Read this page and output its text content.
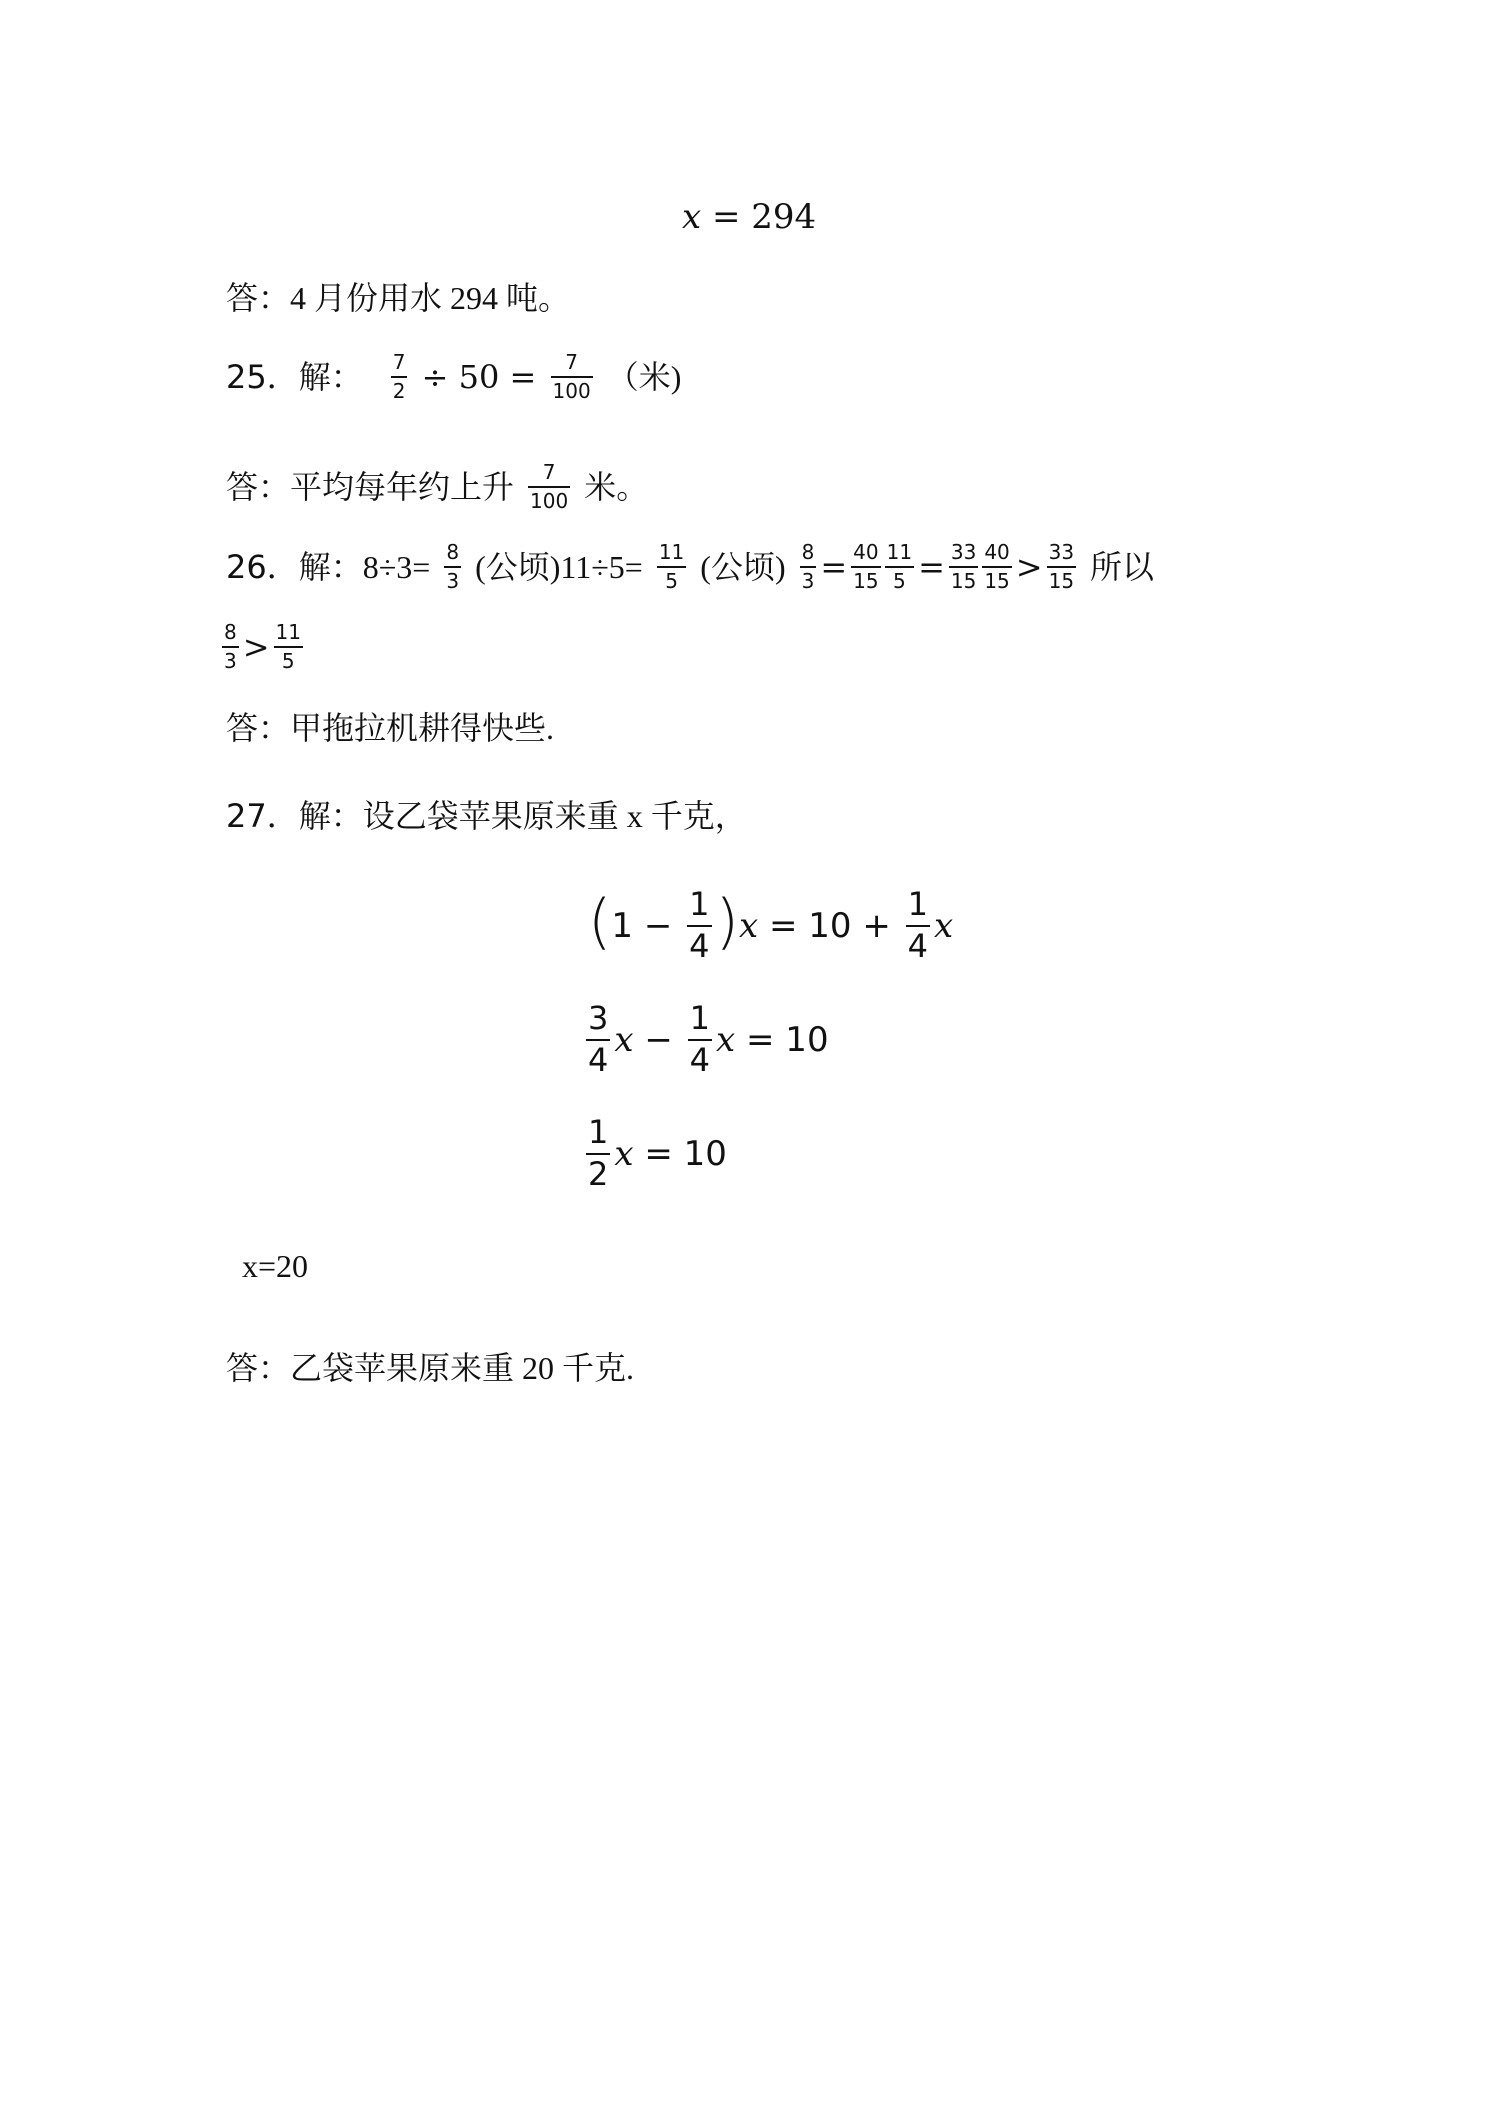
x = 294
答：4 月份用水 294 吨。
25．解： $\frac{7}{2} \div 50 = \frac{7}{100}$ （米)
答：平均每年约上升 $\frac{7}{100}$ 米。
26．解： $8\div 3= \frac{8}{3}$ (公顷)$11\div 5= \frac{11}{5}$ (公顷) $\frac{8}{3} = \frac{40}{15} \frac{11}{5} = \frac{33}{15} \frac{40}{15} > \frac{33}{15}$ 所以
$\frac{8}{3} > \frac{11}{5}$
答：甲拖拉机耕得快些.
27．解： 设乙袋苹果原来重 x 千克，
( $1 - \frac{1}{4}$ ) $x = 10 + \frac{1}{4}$ x
$\frac{3}{4}$ $x - \frac{1}{4}$ x = 10
$\frac{1}{2}$ x = 10
x=20
答：乙袋苹果原来重 20 千克.
